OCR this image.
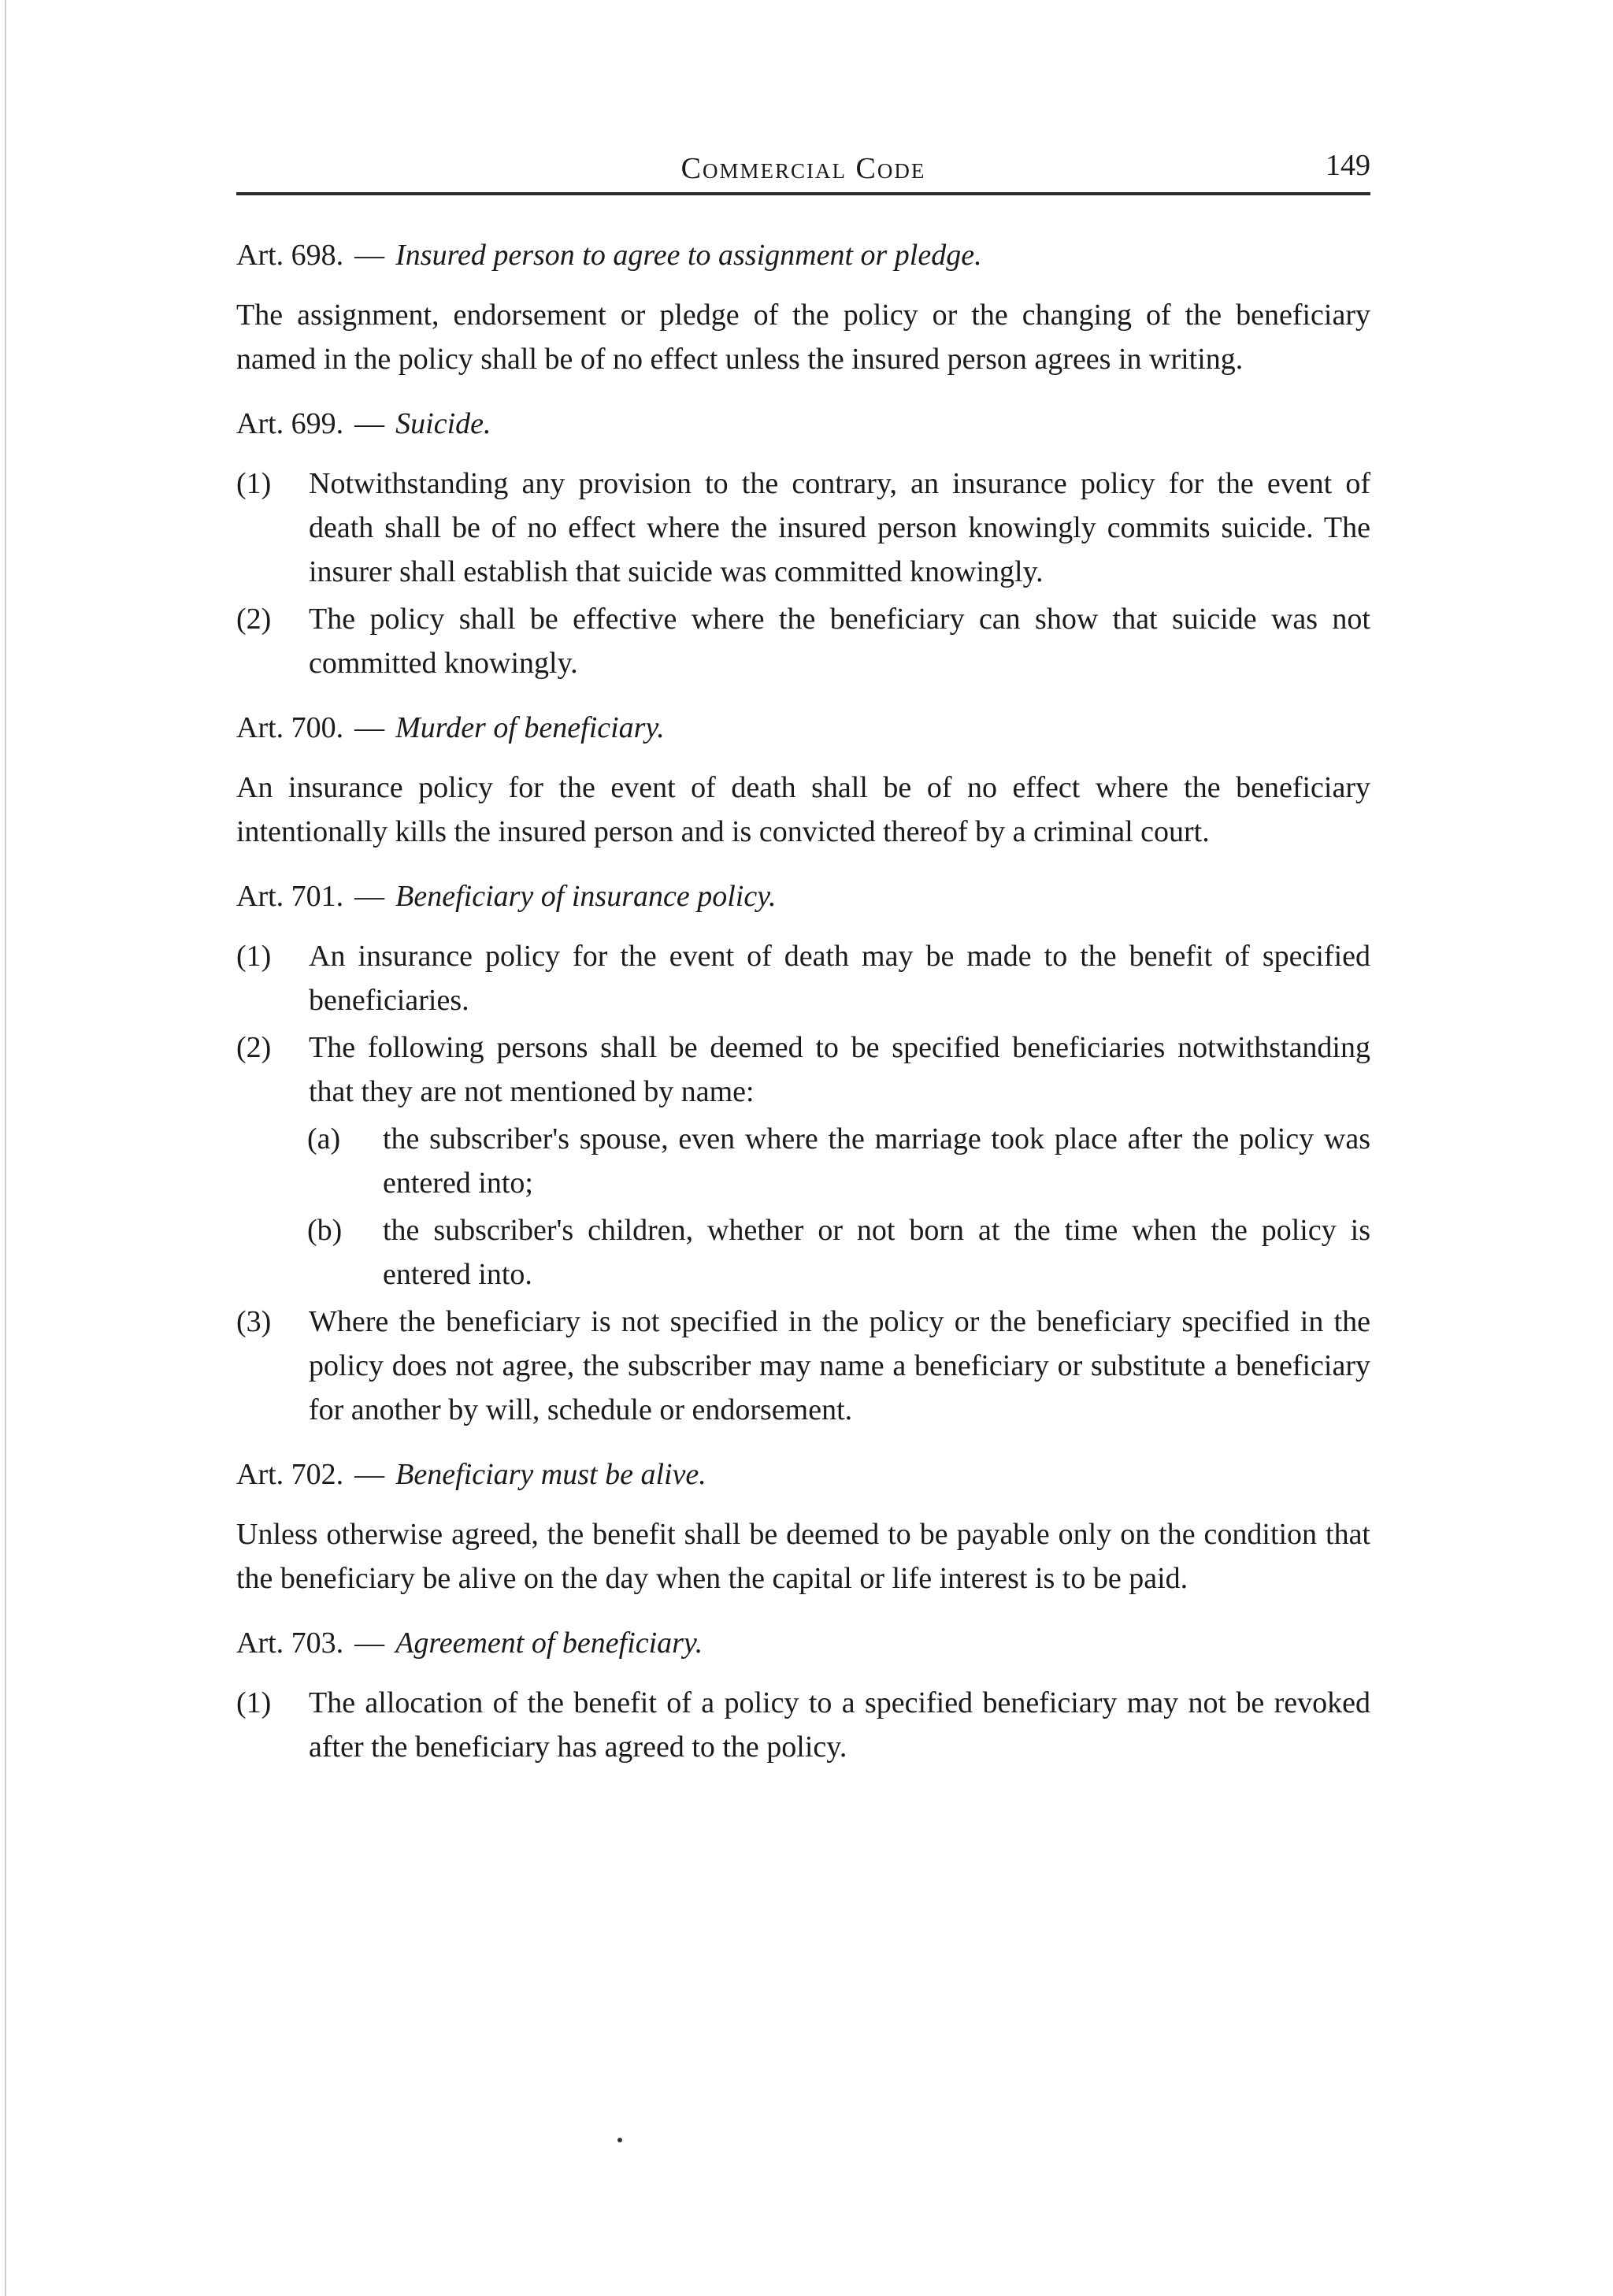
Commercial Code	149

Art. 698. — Insured person to agree to assignment or pledge.

The assignment, endorsement or pledge of the policy or the changing of the beneficiary named in the policy shall be of no effect unless the insured person agrees in writing.

Art. 699. — Suicide.

(1) Notwithstanding any provision to the contrary, an insurance policy for the event of death shall be of no effect where the insured person knowingly commits suicide. The insurer shall establish that suicide was committed knowingly.
(2) The policy shall be effective where the beneficiary can show that suicide was not committed knowingly.

Art. 700. — Murder of beneficiary.

An insurance policy for the event of death shall be of no effect where the beneficiary intentionally kills the insured person and is convicted thereof by a criminal court.

Art. 701. — Beneficiary of insurance policy.

(1) An insurance policy for the event of death may be made to the benefit of specified beneficiaries.
(2) The following persons shall be deemed to be specified beneficiaries notwithstanding that they are not mentioned by name:
(a) the subscriber's spouse, even where the marriage took place after the policy was entered into;
(b) the subscriber's children, whether or not born at the time when the policy is entered into.
(3) Where the beneficiary is not specified in the policy or the beneficiary specified in the policy does not agree, the subscriber may name a beneficiary or substitute a beneficiary for another by will, schedule or endorsement.

Art. 702. — Beneficiary must be alive.

Unless otherwise agreed, the benefit shall be deemed to be payable only on the condition that the beneficiary be alive on the day when the capital or life interest is to be paid.

Art. 703. — Agreement of beneficiary.

(1) The allocation of the benefit of a policy to a specified beneficiary may not be revoked after the beneficiary has agreed to the policy.
